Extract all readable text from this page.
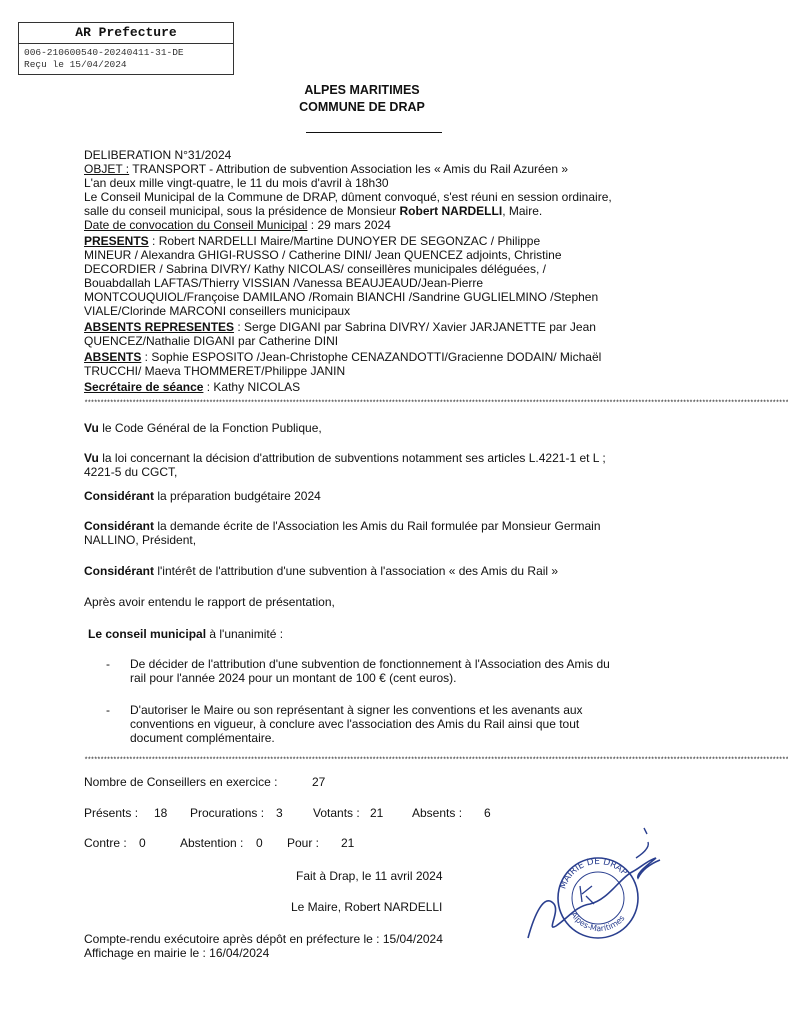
AR Prefecture
006-210600540-20240411-31-DE
Reçu le 15/04/2024
ALPES MARITIMES
COMMUNE DE DRAP
DELIBERATION N°31/2024
OBJET : TRANSPORT - Attribution de subvention Association les « Amis du Rail Azuréen »
L'an deux mille vingt-quatre, le 11 du mois d'avril à 18h30
Le Conseil Municipal de la Commune de DRAP, dûment convoqué, s'est réuni en session ordinaire,
salle du conseil municipal, sous la présidence de Monsieur Robert NARDELLI, Maire.
Date de convocation du Conseil Municipal : 29 mars 2024
PRESENTS : Robert NARDELLI Maire/Martine DUNOYER DE SEGONZAC / Philippe
MINEUR / Alexandra GHIGI-RUSSO / Catherine DINI/ Jean QUENCEZ adjoints, Christine
DECORDIER / Sabrina DIVRY/ Kathy NICOLAS/ conseillères municipales déléguées, /
Bouabdallah LAFTAS/Thierry VISSIAN /Vanessa BEAUJEAUD/Jean-Pierre
MONTCOUQUIOL/Françoise DAMILANO /Romain BIANCHI /Sandrine GUGLIELMINO /Stephen
VIALE/Clorinde MARCONI conseillers municipaux
ABSENTS REPRESENTES : Serge DIGANI par Sabrina DIVRY/ Xavier JARJANETTE par Jean
QUENCEZ/Nathalie DIGANI par Catherine DINI
ABSENTS : Sophie ESPOSITO /Jean-Christophe CENAZANDOTTI/Gracienne DODAIN/ Michaël
TRUCCHI/ Maeva THOMMERET/Philippe JANIN
Secrétaire de séance : Kathy NICOLAS
****************************************************************************************************************************************************************************************************************************
Vu le Code Général de la Fonction Publique,
Vu la loi concernant la décision d'attribution de subventions notamment ses articles L.4221-1 et L ;
4221-5 du CGCT,
Considérant la préparation budgétaire 2024
Considérant la demande écrite de l'Association les Amis du Rail formulée par Monsieur Germain
NALLINO, Président,
Considérant l'intérêt de l'attribution d'une subvention à l'association « des Amis du Rail »
Après avoir entendu le rapport de présentation,
Le conseil municipal à l'unanimité :
- De décider de l'attribution d'une subvention de fonctionnement à l'Association des Amis du
rail pour l'année 2024 pour un montant de 100 € (cent euros).
- D'autoriser le Maire ou son représentant à signer les conventions et les avenants aux
conventions en vigueur, à conclure avec l'association des Amis du Rail ainsi que tout
document complémentaire.
****************************************************************************************************************************************************************************************************************************
Nombre de Conseillers en exercice :	27
Présents : 18 Procurations : 3	Votants : 21 Absents : 6
Contre : 0	Abstention : 0 Pour : 21
Fait à Drap, le 11 avril 2024
Le Maire, Robert NARDELLI
Compte-rendu exécutoire après dépôt en préfecture le : 15/04/2024
Affichage en mairie le : 16/04/2024
MAIRIE DE DRAP
Alpes-Maritimes
